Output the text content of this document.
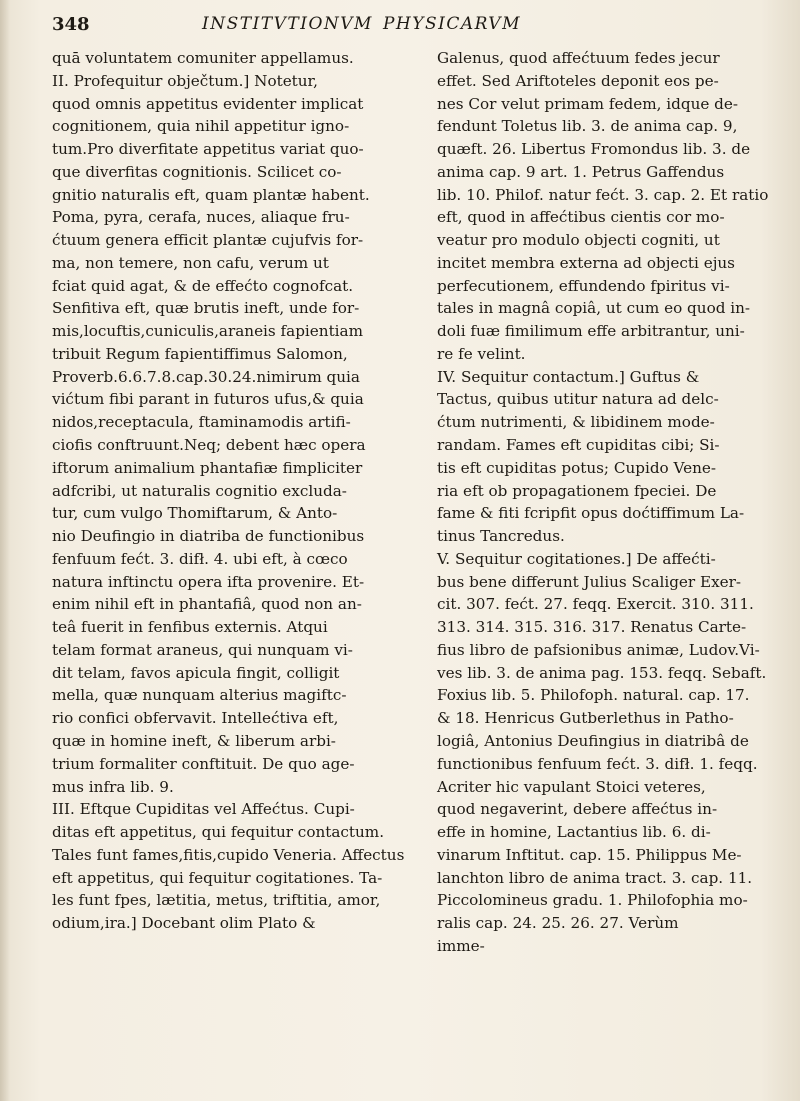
348	INSTITVTIONVM PHYSICARVM
quā voluntatem comuniter appellamus.
II. Profequitur obječtum.] Notetur,
quod omnis appetitus evidenter implicat
cognitionem, quia nihil appetitur igno-
tum.Pro diverfitate appetitus variat quo-
que diverfitas cognitionis. Scilicet co-
gnitio naturalis eft, quam plantæ habent.
Poma, pyra, cerafa, nuces, aliaque fru-
ćtuum genera efficit plantæ cujufvis for-
ma, non temere, non cafu, verum ut
fciat quid agat, & de effećto cognofcat.
Senfitiva eft, quæ brutis ineft, unde for-
mis,locuftis,cuniculis,araneis fapientiam
tribuit Regum fapientiffimus Salomon,
Proverb.6.6.7.8.cap.30.24.nimirum quia
vićtum fibi parant in futuros ufus,& quia
nidos,receptacula, ftaminamodis artifi-
ciofis conftruunt.Neq; debent hæc opera
iftorum animalium phantafiæ fimpliciter
adfcribi, ut naturalis cognitio excluda-
tur, cum vulgo Thomiftarum, & Anto-
nio Deufingio in diatriba de functionibus
fenfuum fećt. 3. difł. 4. ubi eft, à cœco
natura inftinctu opera ifta provenire. Et-
enim nihil eft in phantafiâ, quod non an-
teâ fuerit in fenfibus externis. Atqui
telam format araneus, qui nunquam vi-
dit telam, favos apicula fingit, colligit
mella, quæ nunquam alterius magiftc-
rio confici obfervavit. Intellećtiva eft,
quæ in homine ineft, & liberum arbi-
trium formaliter conftituit. De quo age-
mus infra lib. 9.
III. Eftque Cupiditas vel Affećtus. Cupi-
ditas eft appetitus, qui fequitur contactum.
Tales funt fames,fitis,cupido Veneria. Affectus
eft appetitus, qui fequitur cogitationes. Ta-
les funt fpes, lætitia, metus, triftitia, amor,
odium,ira.] Docebant olim Plato &
Galenus, quod affećtuum fedes jecur
effet. Sed Ariftoteles deponit eos pe-
nes Cor velut primam fedem, idque de-
fendunt Toletus lib. 3. de anima cap. 9,
quæft. 26. Libertus Fromondus lib. 3. de
anima cap. 9 art. 1. Petrus Gaffendus
lib. 10. Philof. natur fećt. 3. cap. 2. Et ratio
eft, quod in affećtibus cientis cor mo-
veatur pro modulo objecti cogniti, ut
incitet membra externa ad objecti ejus
perfecutionem, effundendo fpiritus vi-
tales in magnâ copiâ, ut cum eo quod in-
doli fuæ fimilimum effe arbitrantur, uni-
re fe velint.
IV. Sequitur contactum.] Guftus &
Tactus, quibus utitur natura ad delc-
ćtum nutrimenti, & libidinem mode-
randam. Fames eft cupiditas cibi; Si-
tis eft cupiditas potus; Cupido Vene-
ria eft ob propagationem fpeciei. De
fame & fiti fcripfit opus dоćtiffimum La-
tinus Tancredus.
V. Sequitur cogitationes.] De affećti-
bus bene differunt Julius Scaliger Exer-
cit. 307. fećt. 27. feqq. Exercit. 310. 311.
313. 314. 315. 316. 317. Renatus Carte-
fius libro de pafsionibus animæ, Ludov.Vi-
ves lib. 3. de anima pag. 153. feqq. Sebaft.
Foxius lib. 5. Philofoph. natural. cap. 17.
& 18. Henricus Gutberlethus in Patho-
logiâ, Antonius Deufingius in diatribâ de
functionibus fenfuum fećt. 3. difł. 1. feqq.
Acriter hic vapulant Stoici veteres,
quod negaverint, debere affećtus in-
effe in homine, Lactantius lib. 6. di-
vinarum Inftitut. cap. 15. Philippus Me-
lanchton libro de anima tract. 3. cap. 11.
Piccolomineus gradu. 1. Philofophia mo-
ralis cap. 24. 25. 26. 27. Verùm
imme-
